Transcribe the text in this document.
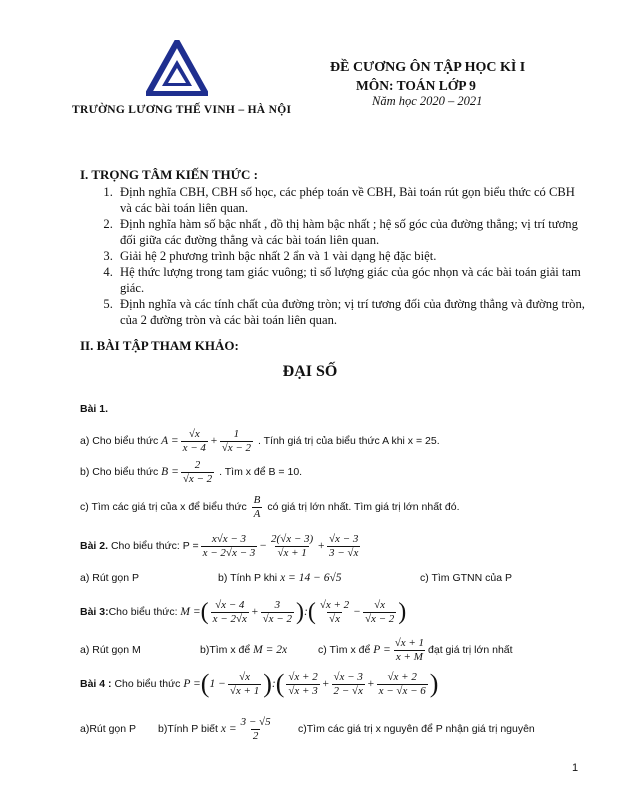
TRƯỜNG LƯƠNG THẾ VINH – HÀ NỘI
ĐỀ CƯƠNG ÔN TẬP HỌC KÌ I
MÔN: TOÁN LỚP 9
Năm học 2020 – 2021
I. TRỌNG TÂM KIẾN THỨC :
1. Định nghĩa CBH, CBH số học, các phép toán về CBH, Bài toán rút gọn biểu thức có CBH và các bài toán liên quan.
2. Định nghĩa hàm số bậc nhất , đồ thị hàm bậc nhất ; hệ số góc của đường thẳng; vị trí tương đối giữa các đường thẳng và các bài toán liên quan.
3. Giải hệ 2 phương trình bậc nhất 2 ẩn và 1 vài dạng hệ đặc biệt.
4. Hệ thức lượng trong tam giác vuông; tỉ số lượng giác của góc nhọn và các bài toán giải tam giác.
5. Định nghĩa và các tính chất của đường tròn; vị trí tương đối của đường thẳng và đường tròn, của 2 đường tròn và các bài toán liên quan.
II. BÀI TẬP THAM KHẢO:
ĐẠI SỐ
Bài 1.
a) Cho biểu thức
$A = \frac{√x}{x - 4} + \frac{1}{√x - 2}$
. Tính giá trị của biểu thức A khi x = 25.
b) Cho biểu thức
$B = \frac{2}{√x - 2}$
. Tìm x để B = 10.
c) Tìm các giá trị của x để biểu thức
$\frac{B}{A}$
có giá trị lớn nhất. Tìm giá trị lớn nhất đó.
Bài 2.
Cho biểu thức: $P = \frac{x√x - 3}{x - 2√x - 3} - \frac{2(√x - 3)}{√x + 1} + \frac{√x - 3}{3 - √x}$
a) Rút gọn P	b) Tính P khi x = 14 − 6√5	c) Tìm GTNN của P
Bài 3: Cho biểu thức:
M = ( $\frac{√x - 4}{x - 2√x} + \frac{3}{√x - 2}$ ) : ( $\frac{√x + 2}{√x} - \frac{√x}{√x - 2}$ )
a) Rút gọn M	b)Tìm x để
M = 2x	c) Tìm x để
$P = \frac{√x + 1}{x + M}$ đạt giá trị lớn nhất
Bài 4 :
Cho biểu thức
P = ( $1 - \frac{√x}{√x + 1}$ ) : ( $\frac{√x + 2}{√x + 3} + \frac{√x - 3}{2 - √x} + \frac{√x + 2}{x - √x - 6}$ )
a)Rút gọn P b)Tính P biết
$x = \frac{3 - √5}{2}$ c)Tìm các giá trị x nguyên để P nhận giá trị nguyên
1
